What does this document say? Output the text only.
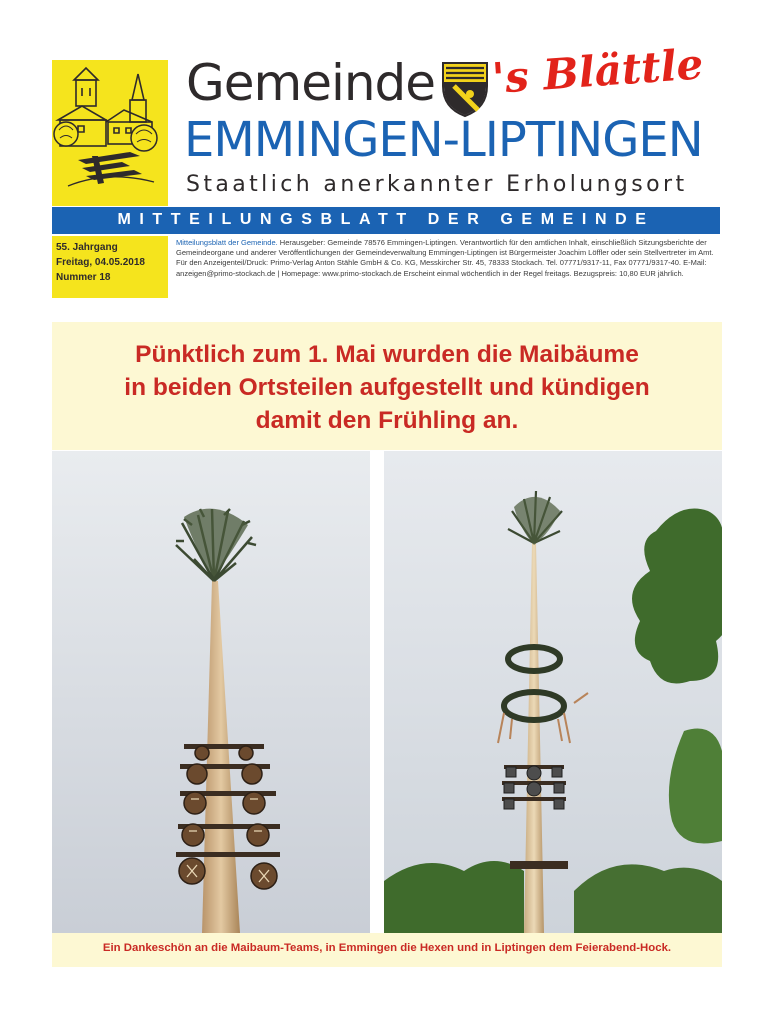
Gemeinde 's Blättle
EMMINGEN-LIPTINGEN
Staatlich anerkannter Erholungsort
MITTEILUNGSBLATT DER GEMEINDE
55. Jahrgang
Freitag, 04.05.2018
Nummer 18
Mitteilungsblatt der Gemeinde. Herausgeber: Gemeinde 78576 Emmingen-Liptingen. Verantwortlich für den amtlichen Inhalt, einschließlich Sitzungsberichte der Gemeindeorgane und anderer Veröffentlichungen der Gemeindeverwaltung Emmingen-Liptingen ist Bürgermeister Joachim Löffler oder sein Stellvertreter im Amt. Für den Anzeigenteil/Druck: Primo-Verlag Anton Stähle GmbH & Co. KG, Messkircher Str. 45, 78333 Stockach. Tel. 07771/9317-11, Fax 07771/9317-40. E-Mail: anzeigen@primo-stockach.de | Homepage: www.primo-stockach.de Erscheint einmal wöchentlich in der Regel freitags. Bezugspreis: 10,80 EUR jährlich.
Pünktlich zum 1. Mai wurden die Maibäume
in beiden Ortsteilen aufgestellt und kündigen
damit den Frühling an.
Ein Dankeschön an die Maibaum-Teams, in Emmingen die Hexen und in Liptingen dem Feierabend-Hock.
